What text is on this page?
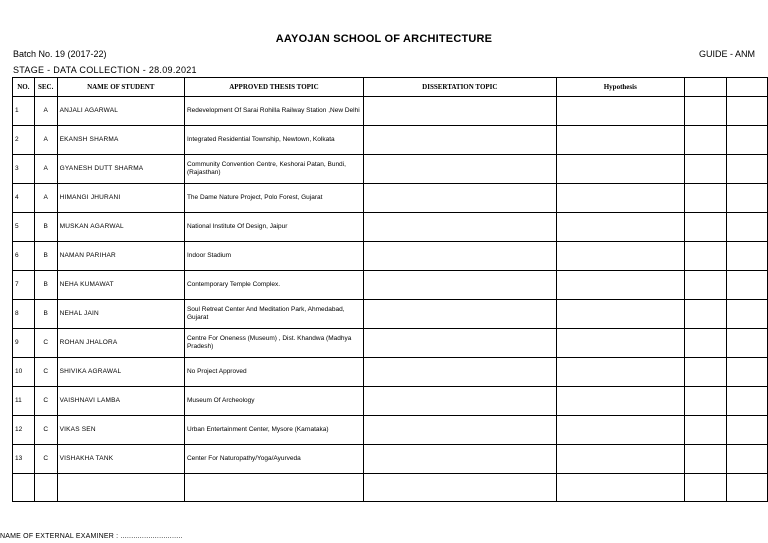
AAYOJAN SCHOOL OF ARCHITECTURE
Batch No. 19 (2017-22)	GUIDE - ANM
STAGE - DATA COLLECTION - 28.09.2021
NO.	SEC.	NAME OF STUDENT	APPROVED THESIS TOPIC	DISSERTATION TOPIC	Hypothesis		
1	A	ANJALI AGARWAL	Redevelopment Of Sarai Rohilla Railway Station ,New Delhi				
2	A	EKANSH SHARMA	Integrated Residential Township, Newtown, Kolkata				
3	A	GYANESH DUTT SHARMA	Community Convention Centre, Keshorai Patan, Bundi, (Rajasthan)				
4	A	HIMANGI JHURANI	The Dame Nature Project, Polo Forest, Gujarat				
5	B	MUSKAN AGARWAL	National Institute Of Design, Jaipur				
6	B	NAMAN PARIHAR	Indoor Stadium				
7	B	NEHA KUMAWAT	Contemporary Temple Complex.				
8	B	NEHAL JAIN	Soul Retreat Center And Meditation Park, Ahmedabad, Gujarat				
9	C	ROHAN JHALORA	Centre For Oneness (Museum) , Dist. Khandwa (Madhya Pradesh)				
10	C	SHIVIKA AGRAWAL	No Project Approved				
11	C	VAISHNAVI LAMBA	Museum Of Archeology				
12	C	VIKAS SEN	Urban Entertainment Center, Mysore (Karnataka)				
13	C	VISHAKHA TANK	Center For Naturopathy/Yoga/Ayurveda				

NAME OF EXTERNAL EXAMINER : .............................
